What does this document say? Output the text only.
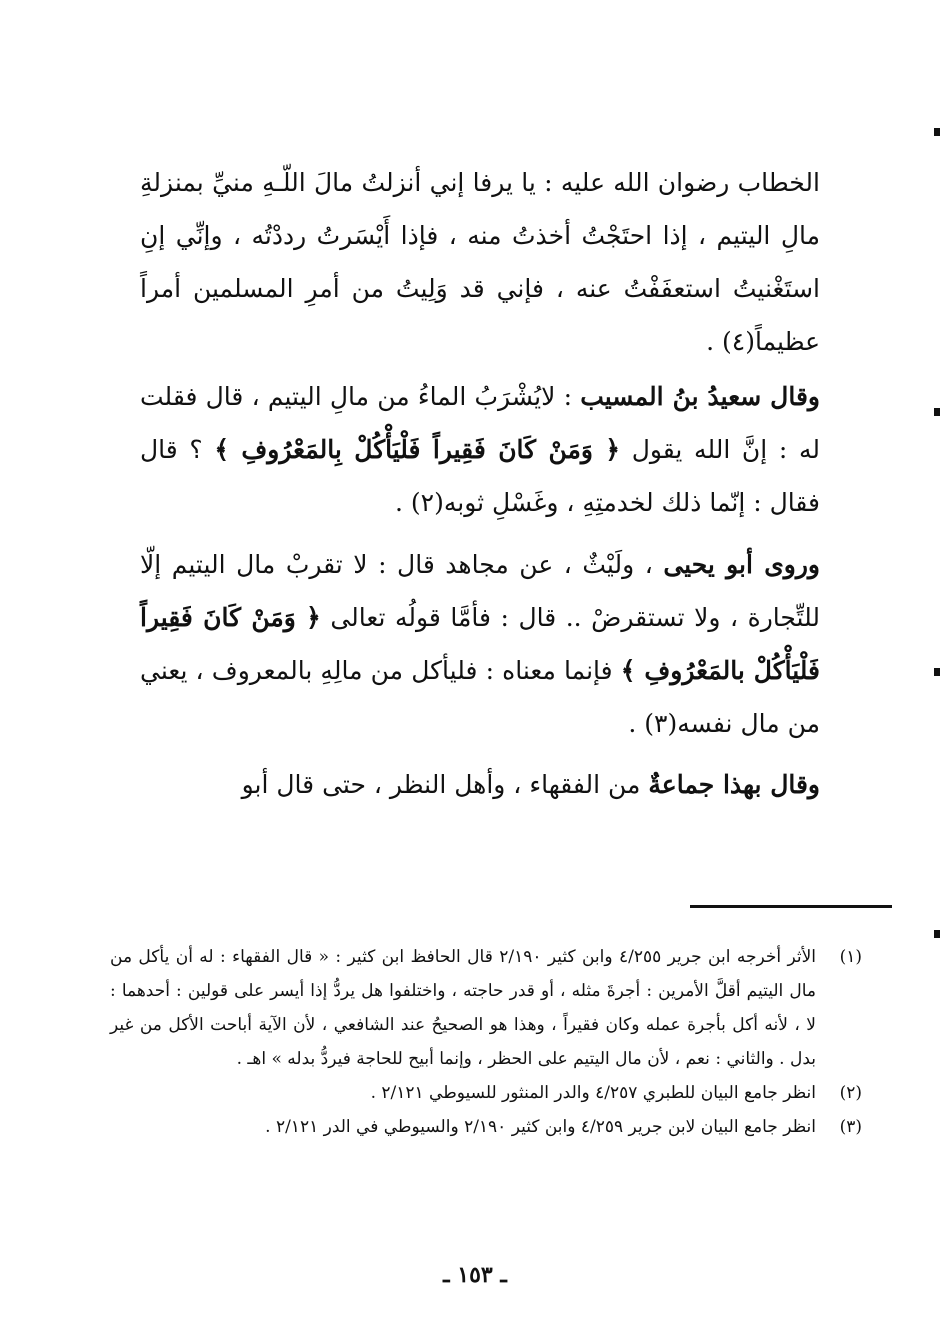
الخطاب رضوان الله عليه : يا يرفا إني أنزلتُ مالَ اللّـهِ منيِّ بمنزلةِ مالِ اليتيم ، إذا احتَجْتُ أخذتُ منه ، فإذا أَيْسَرتُ رددْتُه ، وإنِّي إنِ استَغْنيتُ استعفَفْتُ عنه ، فإني قد وَلِيتُ من أمرِ المسلمين أمراً عظيماً(٤) .

وقال سعيدُ بنُ المسيب : لايُشْرَبُ الماءُ من مالِ اليتيم ، قال فقلت له : إنَّ الله يقول ﴿ وَمَنْ كَانَ فَقِيراً فَلْيَأْكُلْ بِالمَعْرُوفِ ﴾ ؟ قال فقال : إنّما ذلك لخدمتِهِ ، وغَسْلِ ثوبه(٢) .

وروى أبو يحيى ، ولَيْثٌ ، عن مجاهد قال : لا تقربْ مال اليتيم إلّا للتِّجارة ، ولا تستقرضْ .. قال : فأمَّا قولُه تعالى ﴿ وَمَنْ كَانَ فَقِيراً فَلْيَأْكُلْ بالمَعْرُوفِ ﴾ فإنما معناه : فليأكل من مالِهِ بالمعروف ، يعني من مال نفسه(٣) .

وقال بهذا جماعةٌ من الفقهاء ، وأهل النظر ، حتى قال أبو

(١)
الأثر أخرجه ابن جرير ٤/٢٥٥ وابن كثير ٢/١٩٠ قال الحافظ ابن كثير : « قال الفقهاء : له أن يأكل من مال اليتيم أقلَّ الأمرين : أجرةَ مثله ، أو قدر حاجته ، واختلفوا هل يردُّ إذا أيسر على قولين : أحدهما : لا ، لأنه أكل بأجرة عمله وكان فقيراً ، وهذا هو الصحيحُ عند الشافعي ، لأن الآية أباحت الأكل من غير بدل . والثاني : نعم ، لأن مال اليتيم على الحظر ، وإنما أبيح للحاجة فيردُّ بدله » اهـ .
(٢)
انظر جامع البيان للطبري ٤/٢٥٧ والدر المنثور للسيوطي ٢/١٢١ .
(٣)
انظر جامع البيان لابن جرير ٤/٢٥٩ وابن كثير ٢/١٩٠ والسيوطي في الدر ٢/١٢١ .
ـ ١٥٣ ـ
